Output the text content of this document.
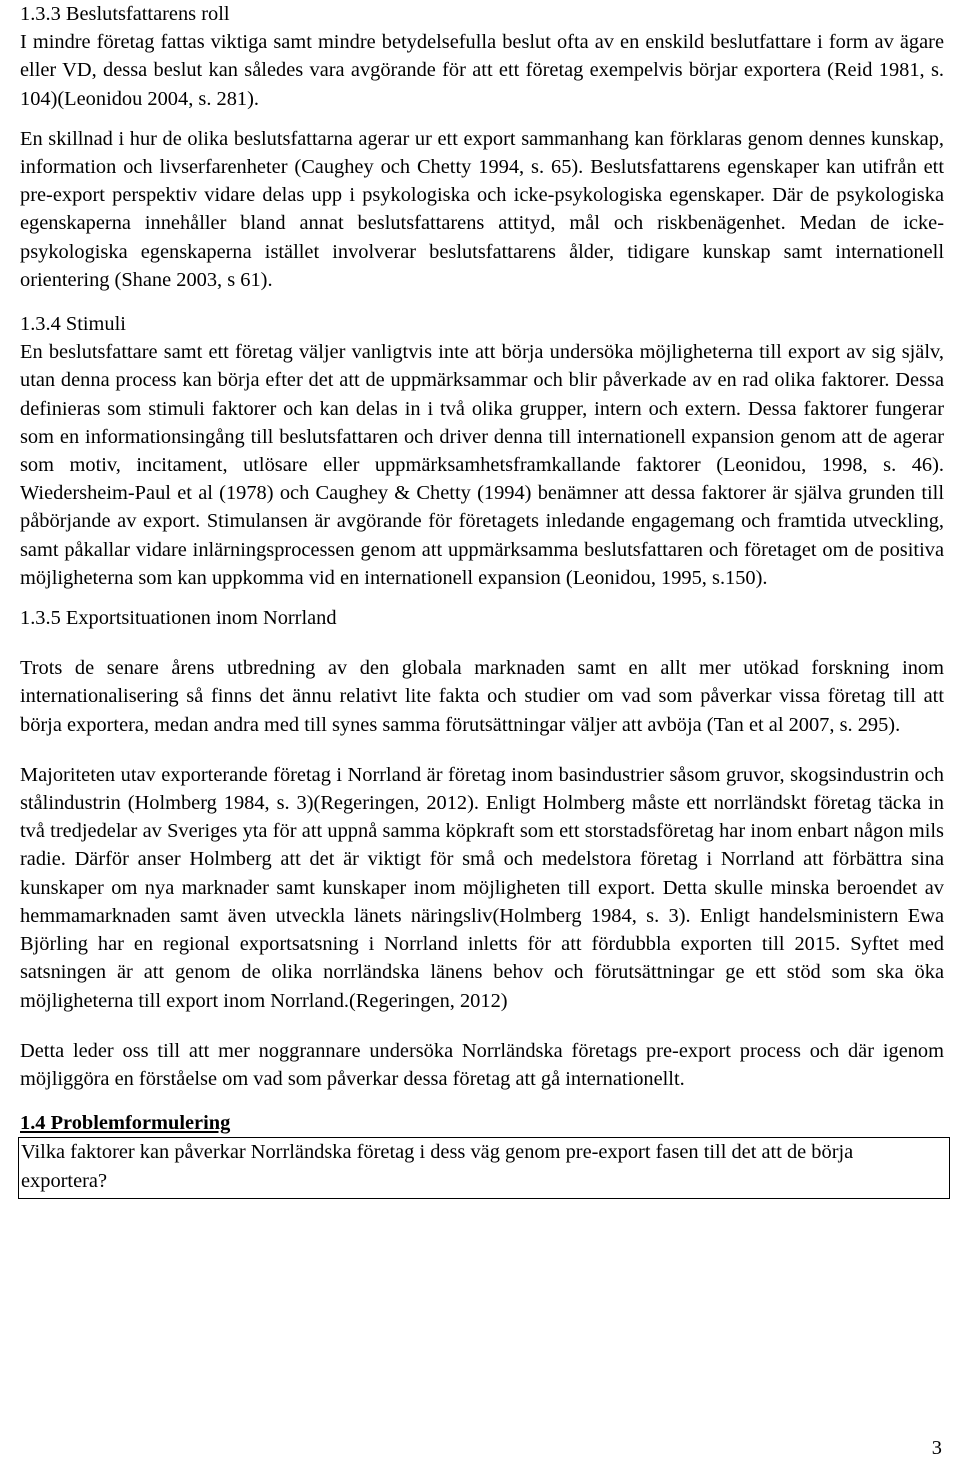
1.3.3 Beslutsfattarens roll

I mindre företag fattas viktiga samt mindre betydelsefulla beslut ofta av en enskild beslutfattare i form av ägare eller VD, dessa beslut kan således vara avgörande för att ett företag exempelvis börjar exportera (Reid 1981, s. 104)(Leonidou 2004, s. 281).

En skillnad i hur de olika beslutsfattarna agerar ur ett export sammanhang kan förklaras genom dennes kunskap, information och livserfarenheter (Caughey och Chetty 1994, s. 65). Beslutsfattarens egenskaper kan utifrån ett pre-export perspektiv vidare delas upp i psykologiska och icke-psykologiska egenskaper. Där de psykologiska egenskaperna innehåller bland annat beslutsfattarens attityd, mål och riskbenägenhet. Medan de icke-psykologiska egenskaperna istället involverar beslutsfattarens ålder, tidigare kunskap samt internationell orientering (Shane 2003, s 61).

1.3.4 Stimuli

En beslutsfattare samt ett företag väljer vanligtvis inte att börja undersöka möjligheterna till export av sig själv, utan denna process kan börja efter det att de uppmärksammar och blir påverkade av en rad olika faktorer. Dessa definieras som stimuli faktorer och kan delas in i två olika grupper, intern och extern. Dessa faktorer fungerar som en informationsingång till beslutsfattaren och driver denna till internationell expansion genom att de agerar som motiv, incitament, utlösare eller uppmärksamhetsframkallande faktorer (Leonidou, 1998, s. 46). Wiedersheim-Paul et al (1978) och Caughey & Chetty (1994) benämner att dessa faktorer är själva grunden till påbörjande av export. Stimulansen är avgörande för företagets inledande engagemang och framtida utveckling, samt påkallar vidare inlärningsprocessen genom att uppmärksamma beslutsfattaren och företaget om de positiva möjligheterna som kan uppkomma vid en internationell expansion (Leonidou, 1995, s.150).

1.3.5 Exportsituationen inom Norrland

Trots de senare årens utbredning av den globala marknaden samt en allt mer utökad forskning inom internationalisering så finns det ännu relativt lite fakta och studier om vad som påverkar vissa företag till att börja exportera, medan andra med till synes samma förutsättningar väljer att avböja (Tan et al 2007, s. 295).

Majoriteten utav exporterande företag i Norrland är företag inom basindustrier såsom gruvor, skogsindustrin och stålindustrin (Holmberg 1984, s. 3)(Regeringen, 2012). Enligt Holmberg måste ett norrländskt företag täcka in två tredjedelar av Sveriges yta för att uppnå samma köpkraft som ett storstadsföretag har inom enbart någon mils radie. Därför anser Holmberg att det är viktigt för små och medelstora företag i Norrland att förbättra sina kunskaper om nya marknader samt kunskaper inom möjligheten till export. Detta skulle minska beroendet av hemmamarknaden samt även utveckla länets näringsliv(Holmberg 1984, s. 3). Enligt handelsministern Ewa Björling har en regional exportsatsning i Norrland inletts för att fördubbla exporten till 2015. Syftet med satsningen är att genom de olika norrländska länens behov och förutsättningar ge ett stöd som ska öka möjligheterna till export inom Norrland.(Regeringen, 2012)

Detta leder oss till att mer noggrannare undersöka Norrländska företags pre-export process och där igenom möjliggöra en förståelse om vad som påverkar dessa företag att gå internationellt.

1.4 Problemformulering

Vilka faktorer kan påverkar Norrländska företag i dess väg genom pre-export fasen till det att de börja exportera?

3
